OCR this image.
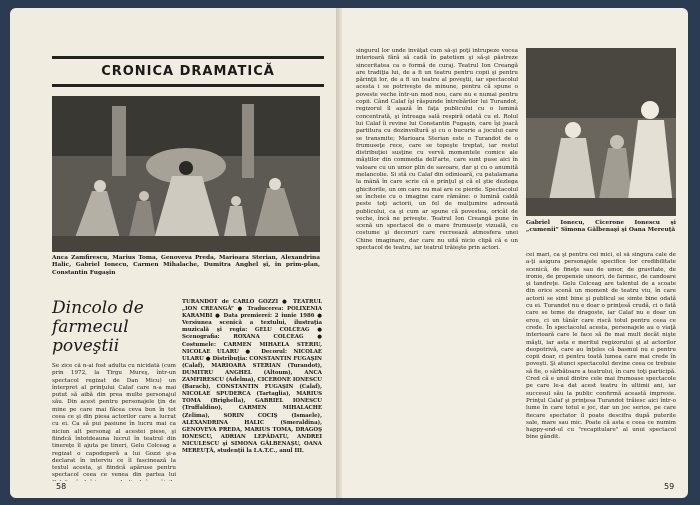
CRONICA DRAMATICĂ
Anca Zamfirescu, Marius Toma, Genoveva Preda, Marioara Sterian, Alexandrina Halic, Gabriel Ionecu, Carmen Mihalache, Dumitra Anghel şi, în prim-plan, Constantin Fugaşin
Dincolo de farmecul poveştii
Se zice că n-ai fost adulta cu nicidată (cum prin 1972, la Tirgu Mureş, într-un spectacol regizat de Dan Micu) un înterpret al prinţului Calaf care n-a mai putut să aibă din prea multe personajul său. Din acest pentru personajele ţin de mine pe care mai făcea ceva bun în tot ceea ce şi din piesa actorilor care a lucrat cu ei. Ca să pui pasiune în lucru mai ca niciun alt personaj al acestei piese, şi fiindcă întotdeauna lucrul în teatrul din tinereţe îl ajuta pe tineri, Gelu Colceag a regizat o capodoperă a lui Gozzi şi-a declarat în interviu ce îl fascinează la textul acesta, şi fiindcă apăruse pentru spectacol ceea ce venea din partea lui
TURANDOT de CARLO GOZZI ● TEATRUL „ION CREANGĂ” ● Traducerea: POLIXENIA KARAMBI ● Data premierei: 2 iunie 1986 ● Versiunea scenică a textului, ilustraţia muzicală şi regia: GELU COLCEAG ● Scenografia: ROXANA COLCEAG ● Costumele: CARMEN MIHAELA STERIU, NICOLAE ULARU ● Decorul: NICOLAE ULARU ● Distribuţia: CONSTANTIN FUGAŞIN (Calaf), MARIOARA STERIAN (Turandot), DUMITRU ANGHEL (Altoum), ANCA ZAMFIRESCU (Adelma), CICERONE IONESCU (Barach), CONSTANTIN FUGAŞIN (Calaf), NICOLAE SPUDERCA (Tartaglia), MARIUS TOMA (Brighella), GABRIEL IONESCU (Truffaldino), CARMEN MIHALACHE (Zelima), SORIN COCIŞ (Ismaele), ALEXANDRINA HALIC (Smeraldina), GENOVEVA PREDA, MARIUS TOMA, DRAGOŞ IONESCU, ADRIAN LEPĂDATU, ANDREI NICULESCU şi SIMONA GĂLBENAŞU, OANA MEREUŢĂ, studenţii la I.A.T.C., anul III.
58
singurul lor unde învăţat cum să-şi poţi întrupeze vocea interioară fără să cadă în patetism şi să-şi păstreze sinceritatea ca o formă de curaj. Teatrul Ion Creangă are tradiţia lui, de a fi un teatru pentru copii şi pentru părinţii lor, de a fi un teatru al poveştii, iar spectacolul acesta i se potriveşte de minune, pentru că spune o poveste veche într-un mod nou, care nu e numai pentru copii. Când Calaf îşi răspunde întrebărilor lui Turandot, regizorul îl aşază în faţa publicului cu o lumină concentrată, şi întreaga sală respiră odată cu el. Rolul lui Calaf îi revine lui Constantin Fugaşin, care îşi joacă partitura cu dezinvoltură şi cu o bucurie a jocului care se transmite; Marioara Sterian este o Turandot de o frumuseţe rece, care se topeşte treptat, iar restul distribuţiei susţine cu vervă momentele comice ale măştilor din commedia dell'arte, care sunt puse aici în valoare cu un umor plin de savoare, dar şi cu o anumită melancolie. Si stă cu Calaf din odinioară, cu patalamana la mână în care scrie că e prinţul şi că el ştie dezlega ghicitorile, un om care nu mai are ce pierde. Spectacolul se încheie cu o imagine care rămâne: o lumină caldă peste toţi actorii, un fel de mulţumire adresată publicului, ca şi cum ar spune că povestea, oricât de veche, încă ne priveşte. Teatrul Ion Creangă pune în scenă un spectacol de o mare frumuseţe vizuală, cu costume şi decoruri care recreează atmosfera unei Chine imaginare, dar care nu uită nicio clipă că e un spectacol de teatru, iar teatrul trăieşte prin actori.
Gabriel Ionecu, Cicerone Ionescu şi „cumenii” Simona Gălbenaşi şi Oana Mereuţă
cei mari, ca şi pentru cei mici, el să singura cale de a-ţi asigura personajele specifice lor credibilitate scenică, de fineţe sau de umor, de gravitate, de ironie, de propensie uneori, de farmec, de candoare şi tandreţe. Gelu Colceag are talentul de a scoate din orice scenă un moment de teatru viu, în care actorii se simt bine şi publicul se simte bine odată cu ei. Turandot nu e doar o prinţesă crudă, ci o fată care se teme de dragoste, iar Calaf nu e doar un erou, ci un tânăr care riscă totul pentru ceea ce crede. În spectacolul acesta, personajele au o viaţă interioară care le face să fie mai mult decât nişte măşti, iar asta e meritul regizorului şi al actorilor deopotrivă, care au înţeles că basmul nu e pentru copii doar, ci pentru toată lumea care mai crede în poveşti. Şi atunci spectacolul devine ceea ce trebuie să fie, o sărbătoare a teatrului, în care toţi participă. Cred că e unul dintre cele mai frumoase spectacole pe care le-a dat acest teatru în ultimii ani, iar succesul său la public confirmă această impresie. Prinţul Calaf şi prinţesa Turandot trăiesc aici într-o lume în care totul e joc, dar un joc serios, pe care fiecare spectator îl poate descifra după puterile sale, mare sau mic. Poate că asta e ceea ce numim happy-end-ul cu "recapitulare" al unui spectacol bine gândit.
59
